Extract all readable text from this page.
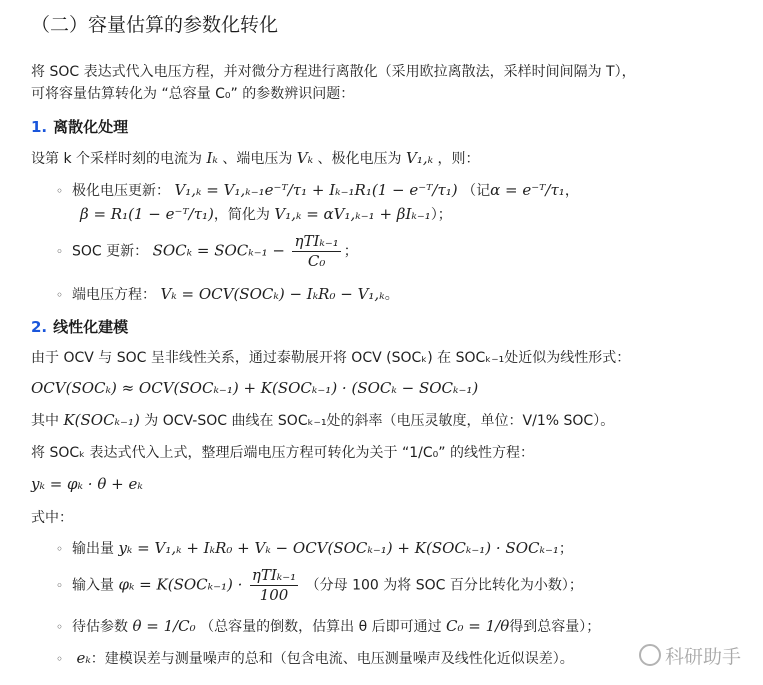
（二）容量估算的参数化转化
将 SOC 表达式代入电压方程，并对微分方程进行离散化（采用欧拉离散法，采样时间间隔为 T），
可将容量估算转化为 “总容量 C₀” 的参数辨识问题：
1. 离散化处理
设第 k 个采样时刻的电流为 Iₖ 、端电压为 Vₖ 、极化电压为 V₁,ₖ ，则：
◦ 极化电压更新： V₁,ₖ = V₁,ₖ₋₁e⁻ᵀ/τ₁ + Iₖ₋₁R₁(1 − e⁻ᵀ/τ₁) （记α = e⁻ᵀ/τ₁，
β = R₁(1 − e⁻ᵀ/τ₁)，简化为 V₁,ₖ = αV₁,ₖ₋₁ + βIₖ₋₁）；
◦ SOC 更新： $SOC_k = SOC_{k-1} - \frac{\text{ηTIₖ₋₁}}{\text{C₀}}$ ；
◦ 端电压方程： Vₖ = OCV(SOCₖ) − IₖR₀ − V₁,ₖ。
2. 线性化建模
由于 OCV 与 SOC 呈非线性关系，通过泰勒展开将 OCV (SOCₖ) 在 SOCₖ₋₁处近似为线性形式：
OCV(SOCₖ) ≈ OCV(SOCₖ₋₁) + K(SOCₖ₋₁) · (SOCₖ − SOCₖ₋₁)
其中 K(SOCₖ₋₁) 为 OCV-SOC 曲线在 SOCₖ₋₁处的斜率（电压灵敏度，单位：V/1% SOC）。
将 SOCₖ 表达式代入上式，整理后端电压方程可转化为关于 “1/C₀” 的线性方程：
yₖ = φₖ · θ + eₖ
式中：
◦ 输出量 yₖ = V₁,ₖ + IₖR₀ + Vₖ − OCV(SOCₖ₋₁) + K(SOCₖ₋₁) · SOCₖ₋₁；
◦ 输入量 $\varphi_k = K(SOC_{k-1}) \cdot \frac{\text{ηTIₖ₋₁}}{100}$ （分母 100 为将 SOC 百分比转化为小数）；
◦ 待估参数 θ = 1/C₀ （总容量的倒数，估算出 θ 后即可通过 C₀ = 1/θ得到总容量）；
◦ eₖ：建模误差与测量噪声的总和（包含电流、电压测量噪声及线性化近似误差）。	科研助手
